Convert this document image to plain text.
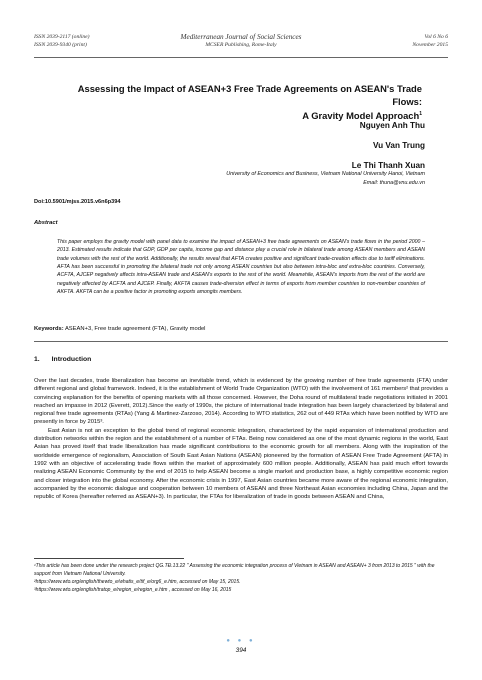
ISSN 2039-2117 (online)
ISSN 2039-9340 (print)
Mediterranean Journal of Social Sciences
MCSER Publishing, Rome-Italy
Vol 6 No 6
November 2015
Assessing the Impact of ASEAN+3 Free Trade Agreements on ASEAN's Trade Flows:
A Gravity Model Approach$^1$
Nguyen Anh Thu
Vu Van Trung
Le Thi Thanh Xuan
University of Economics and Business, Vietnam National University Hanoi, Vietnam
Email: thuna@vnu.edu.vn
Doi:10.5901/mjss.2015.v6n6p394
Abstract

This paper employs the gravity model with panel data to examine the impact of ASEAN+3 free trade agreements on ASEAN's trade flows in the period 2000 – 2013. Estimated results indicate that GDP, GDP per capita, income gap and distance play a crucial role in bilateral trade among ASEAN members and ASEAN trade volumes with the rest of the world. Additionally, the results reveal that AFTA creates positive and significant trade-creation effects due to tariff eliminations. AFTA has been successful in promoting the bilateral trade not only among ASEAN countries but also between intra-bloc and extra-bloc countries. Conversely, ACFTA, AJCEP negatively affects intra-ASEAN trade and ASEAN's exports to the rest of the world. Meanwhile, ASEAN's imports from the rest of the world are negatively affected by ACFTA and AJCEP. Finally, AKFTA causes trade-diversion effect in terms of exports from member countries to non-member countries of AKFTA. AKFTA can be a positive factor in promoting exports amongits members.

Keywords: ASEAN+3, Free trade agreement (FTA), Gravity model
1. Introduction

Over the last decades, trade liberalization has become an inevitable trend, which is evidenced by the growing number of free trade agreements (FTA) under different regional and global framework. Indeed, it is the establishment of World Trade Organization (WTO) with the involvement of 161 members² that provides a convincing explanation for the benefits of opening markets with all those concerned. However, the Doha round of multilateral trade negotiations initiated in 2001 reached an impasse in 2012 (Everett, 2012).Since the early of 1990s, the picture of international trade integration has been largely characterized by bilateral and regional free trade agreements (RTAs) (Yang & Martinez-Zarzoso, 2014). According to WTO statistics, 262 out of 449 RTAs which have been notified by WTO are presently in force by 2015³.

East Asian is not an exception to the global trend of regional economic integration, characterized by the rapid expansion of international production and distribution networks within the region and the establishment of a number of FTAs. Being now considered as one of the most dynamic regions in the world, East Asian has proved itself that trade liberalization has made significant contributions to the economic growth for all members. Along with the inspiration of the worldwide emergence of regionalism, Association of South East Asian Nations (ASEAN) pioneered by the formation of ASEAN Free Trade Agreement (AFTA) in 1992 with an objective of accelerating trade flows within the market of approximately 600 million people. Additionally, ASEAN has paid much effort towards realizing ASEAN Economic Community by the end of 2015 to help ASEAN become a single market and production base, a highly competitive economic region and closer integration into the global economy. After the economic crisis in 1997, East Asian countries became more aware of the regional economic integration, accompanied by the economic dialogue and cooperation between 10 members of ASEAN and three Northeast Asian economies including China, Japan and the republic of Korea (hereafter referred as ASEAN+3). In particular, the FTAs for liberalization of trade in goods between ASEAN and China,

¹This article has been done under the research project QG.TĐ.13.22 " Assessing the economic integration process of Vietnam in ASEAN and ASEAN+ 3 from 2013 to 2015 " with the support from Vietnam National University.
²https://www.wto.org/english/thewto_e/whatis_e/tif_e/org6_e.htm, accessed on May 15, 2015.
³https://www.wto.org/english/tratop_e/region_e/region_e.htm , accessed on May 16, 2015
● ● ●
394
